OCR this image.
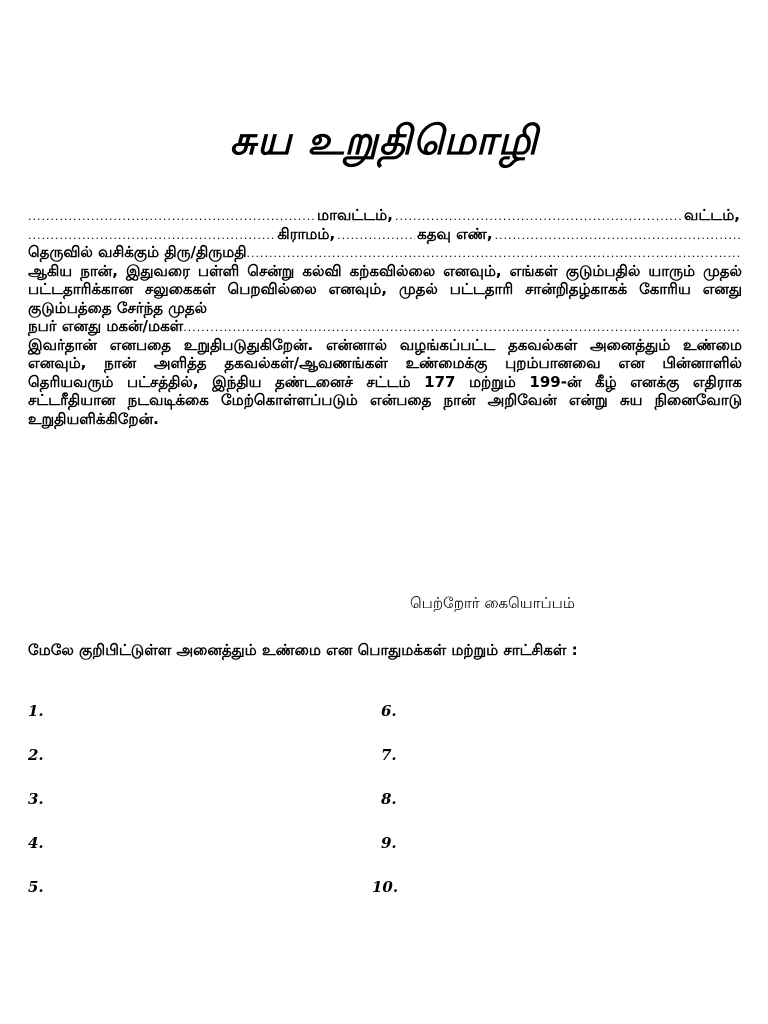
சுய உறுதிமொழி
.....
மாவட்டம், .....	வட்டம்,
.....
கிராமம், .....	கதவு எண்,
.....
தெருவில் வசிக்கும் திரு/திருமதி
.....
ஆகிய நான், இதுவரை பள்ளி சென்று கல்வி கற்கவில்லை எனவும், எங்கள் குடும்பதில் யாரும் முதல் பட்டதாரிக்கான சலுகைகள் பெறவில்லை எனவும், முதல் பட்டதாரி சான்றிதழ்காகக் கோரிய எனது குடும்பத்தை சேர்ந்த முதல்
நபர் எனது மகன்/மகள்
.....
இவர்தான் எனபதை உறுதிபடுதுகிறேன். என்னால் வழங்கப்பட்ட தகவல்கள் அனைத்தும் உண்மை எனவும், நான் அளித்த தகவல்கள்/ஆவணங்கள் உண்மைக்கு புறம்பானவை என பின்னாளில் தெரியவரும் பட்சத்தில், இந்திய தண்டனைச் சட்டம் 177 மற்றும் 199-ன் கீழ் எனக்கு எதிராக சட்டரீதியான நடவடிக்கை மேற்கொள்ளப்படும் என்பதை நான் அறிவேன் என்று சுய நினைவோடு உறுதியளிக்கிறேன்.
பெற்றோர் கையொப்பம்
மேலே குறிபிட்டுள்ள அனைத்தும் உண்மை என பொதுமக்கள் மற்றும் சாட்சிகள் :
1.
2.
3.
4.
5.
6.
7.
8.
9.
10.
